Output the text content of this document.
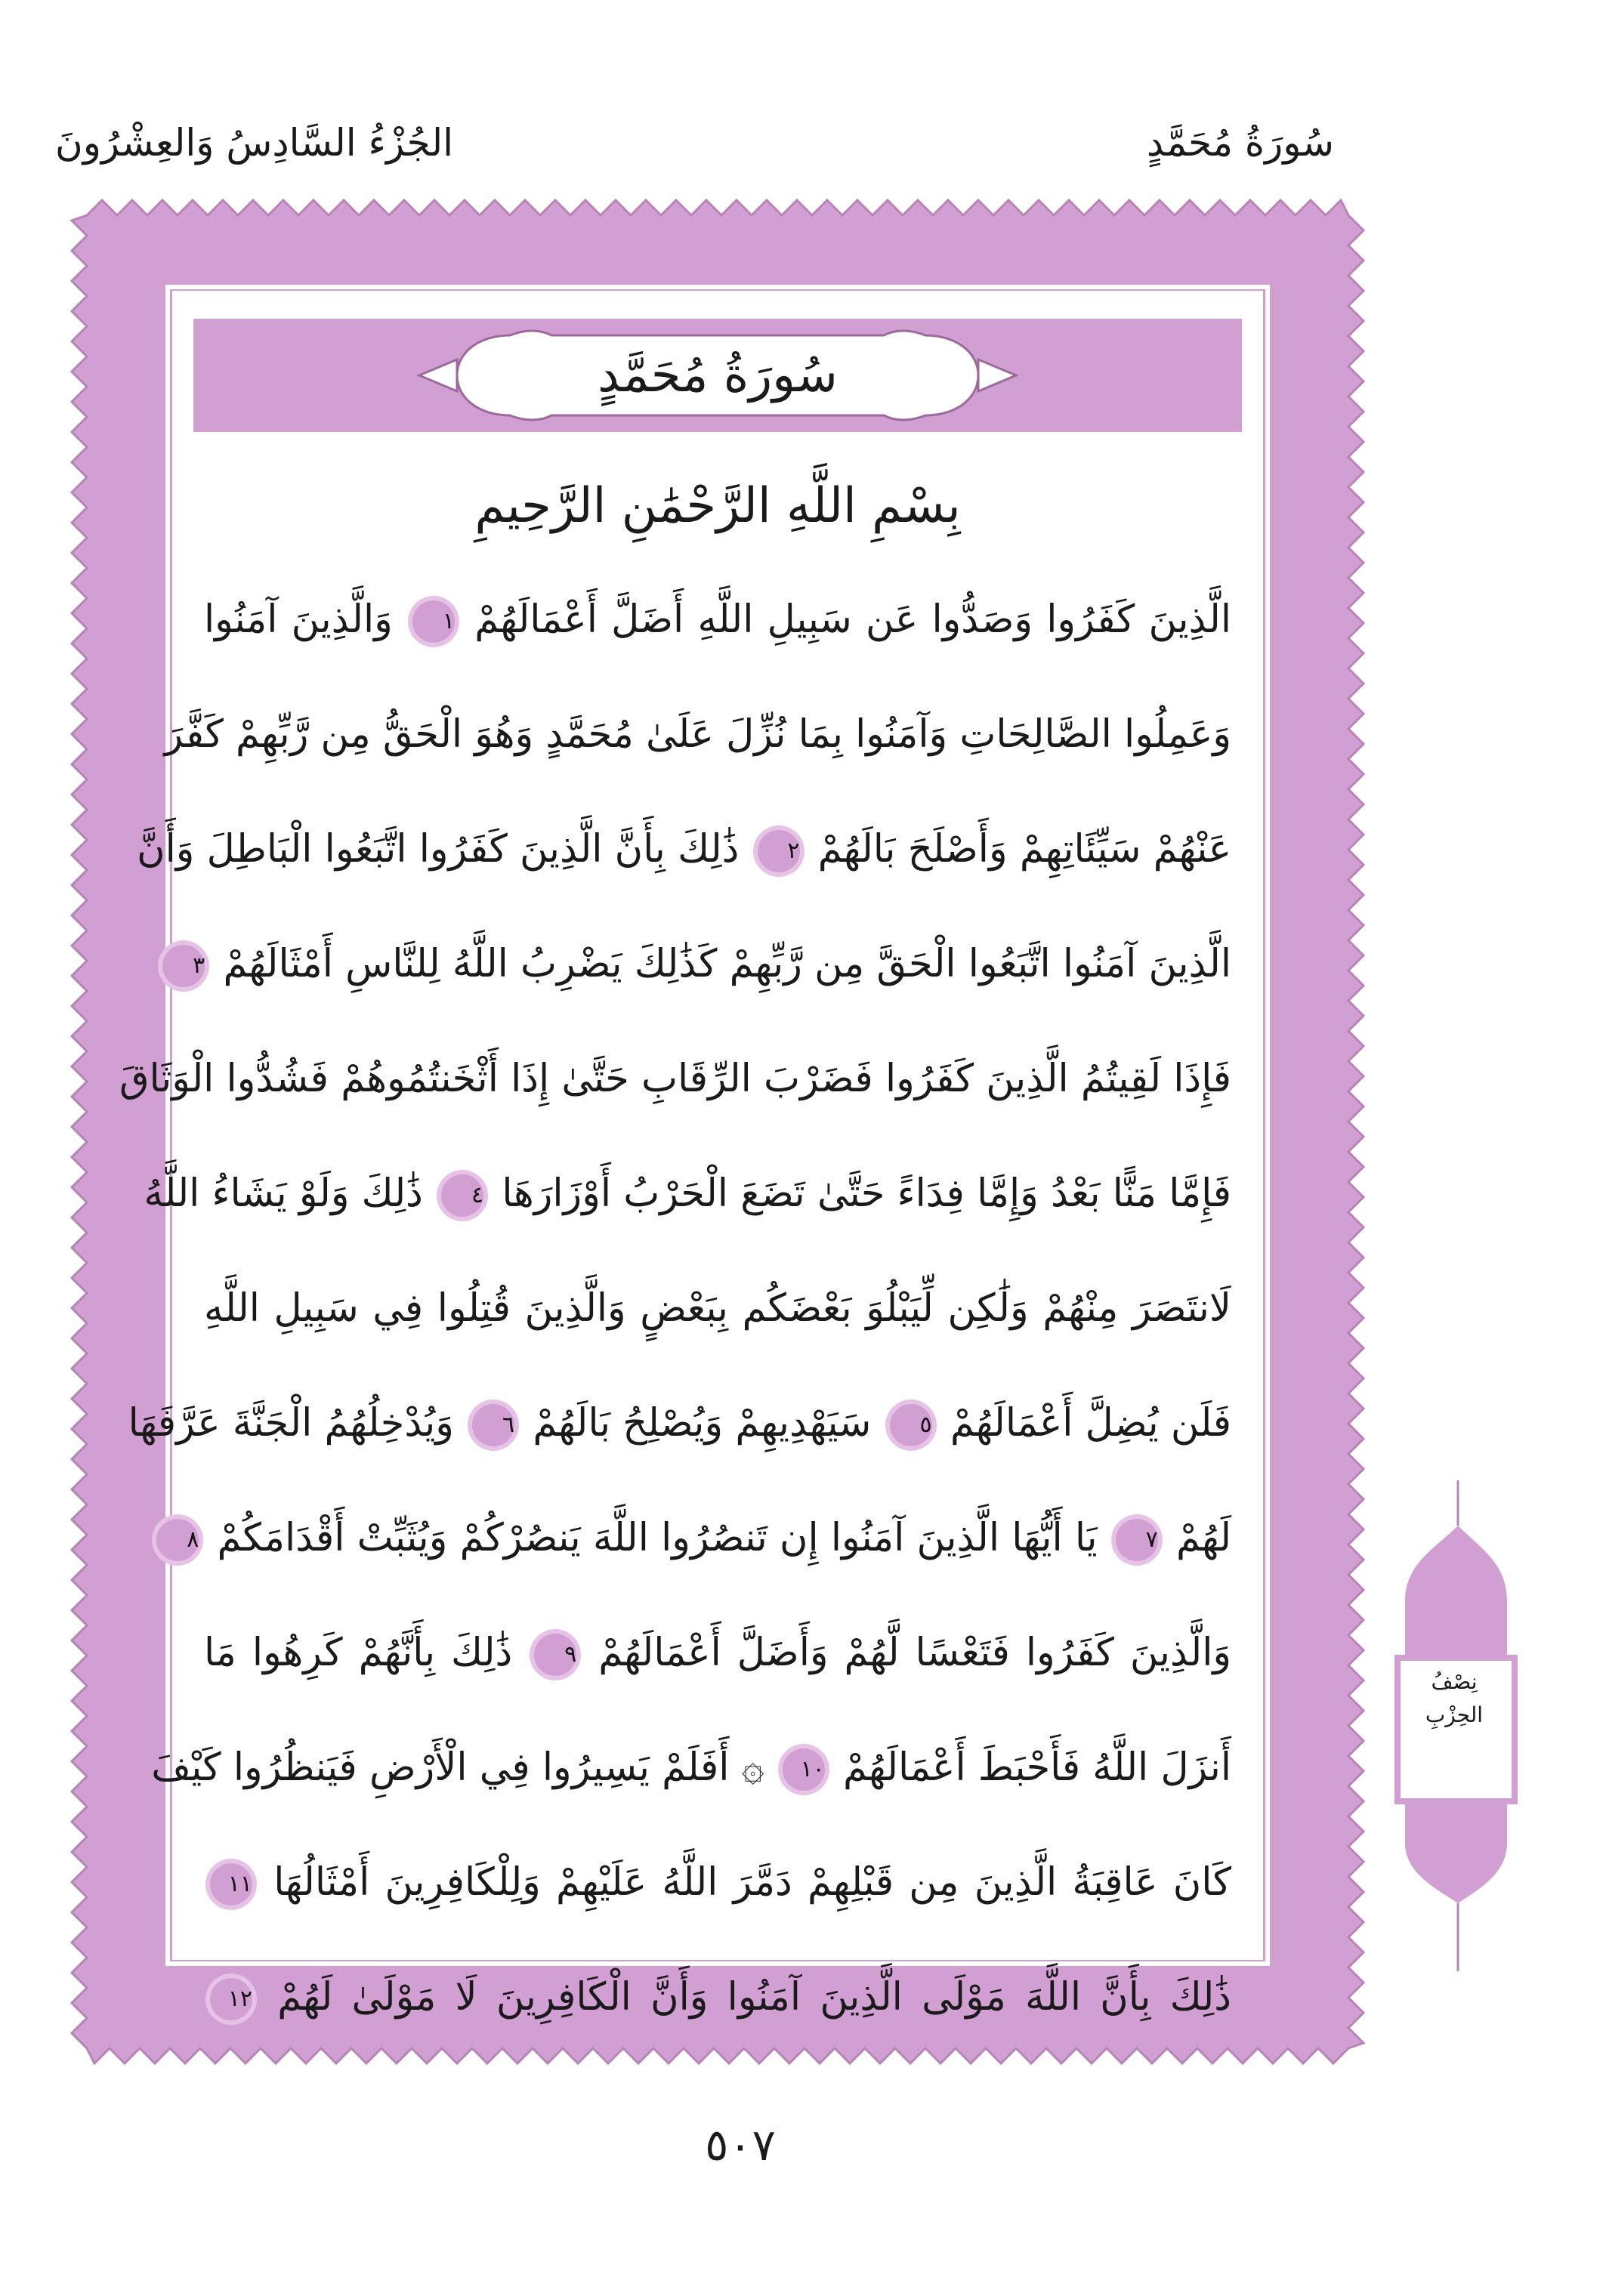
الجُزْءُ السَّادِسُ وَالعِشْرُونَ	سُورَةُ مُحَمَّدٍ
سُورَةُ مُحَمَّدٍ
بِسْمِ اللَّهِ الرَّحْمَٰنِ الرَّحِيمِ
الَّذِينَ كَفَرُوا وَصَدُّوا عَن سَبِيلِ اللَّهِ أَضَلَّ أَعْمَالَهُمْ ١ وَالَّذِينَ آمَنُوا
وَعَمِلُوا الصَّالِحَاتِ وَآمَنُوا بِمَا نُزِّلَ عَلَىٰ مُحَمَّدٍ وَهُوَ الْحَقُّ مِن رَّبِّهِمْ كَفَّرَ
عَنْهُمْ سَيِّئَاتِهِمْ وَأَصْلَحَ بَالَهُمْ ٢ ذَٰلِكَ بِأَنَّ الَّذِينَ كَفَرُوا اتَّبَعُوا الْبَاطِلَ وَأَنَّ
الَّذِينَ آمَنُوا اتَّبَعُوا الْحَقَّ مِن رَّبِّهِمْ كَذَٰلِكَ يَضْرِبُ اللَّهُ لِلنَّاسِ أَمْثَالَهُمْ ٣
فَإِذَا لَقِيتُمُ الَّذِينَ كَفَرُوا فَضَرْبَ الرِّقَابِ حَتَّىٰ إِذَا أَثْخَنتُمُوهُمْ فَشُدُّوا الْوَثَاقَ
فَإِمَّا مَنًّا بَعْدُ وَإِمَّا فِدَاءً حَتَّىٰ تَضَعَ الْحَرْبُ أَوْزَارَهَا ٤ ذَٰلِكَ وَلَوْ يَشَاءُ اللَّهُ
لَانتَصَرَ مِنْهُمْ وَلَٰكِن لِّيَبْلُوَ بَعْضَكُم بِبَعْضٍ وَالَّذِينَ قُتِلُوا فِي سَبِيلِ اللَّهِ
فَلَن يُضِلَّ أَعْمَالَهُمْ ٥ سَيَهْدِيهِمْ وَيُصْلِحُ بَالَهُمْ ٦ وَيُدْخِلُهُمُ الْجَنَّةَ عَرَّفَهَا
لَهُمْ ٧ يَا أَيُّهَا الَّذِينَ آمَنُوا إِن تَنصُرُوا اللَّهَ يَنصُرْكُمْ وَيُثَبِّتْ أَقْدَامَكُمْ ٨
وَالَّذِينَ كَفَرُوا فَتَعْسًا لَّهُمْ وَأَضَلَّ أَعْمَالَهُمْ ٩ ذَٰلِكَ بِأَنَّهُمْ كَرِهُوا مَا
أَنزَلَ اللَّهُ فَأَحْبَطَ أَعْمَالَهُمْ ١٠ ۞ أَفَلَمْ يَسِيرُوا فِي الْأَرْضِ فَيَنظُرُوا كَيْفَ
كَانَ عَاقِبَةُ الَّذِينَ مِن قَبْلِهِمْ دَمَّرَ اللَّهُ عَلَيْهِمْ وَلِلْكَافِرِينَ أَمْثَالُهَا ١١
ذَٰلِكَ بِأَنَّ اللَّهَ مَوْلَى الَّذِينَ آمَنُوا وَأَنَّ الْكَافِرِينَ لَا مَوْلَىٰ لَهُمْ ١٢
نِصْفُ الحِزْبِ
٥٠٧
